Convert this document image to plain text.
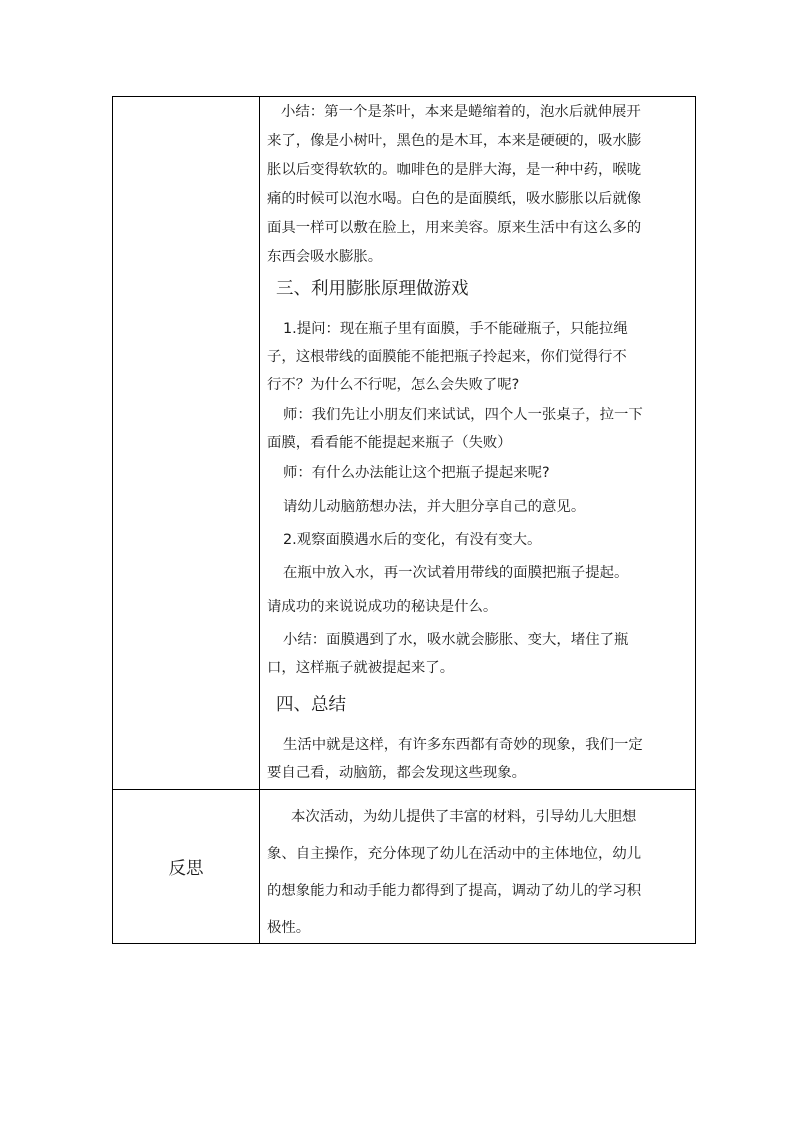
小结：第一个是茶叶，本来是蜷缩着的，泡水后就伸展开
来了，像是小树叶，黑色的是木耳，本来是硬硬的，吸水膨
胀以后变得软软的。咖啡色的是胖大海，是一种中药，喉咙
痛的时候可以泡水喝。白色的是面膜纸，吸水膨胀以后就像
面具一样可以敷在脸上，用来美容。原来生活中有这么多的
东西会吸水膨胀。
三、利用膨胀原理做游戏
1.提问：现在瓶子里有面膜，手不能碰瓶子，只能拉绳
子，这根带线的面膜能不能把瓶子拎起来，你们觉得行不
行不？为什么不行呢，怎么会失败了呢?
师：我们先让小朋友们来试试，四个人一张桌子，拉一下
面膜，看看能不能提起来瓶子（失败）
师：有什么办法能让这个把瓶子提起来呢?
请幼儿动脑筋想办法，并大胆分享自己的意见。
2.观察面膜遇水后的变化，有没有变大。
在瓶中放入水，再一次试着用带线的面膜把瓶子提起。
请成功的来说说成功的秘诀是什么。
小结：面膜遇到了水，吸水就会膨胀、变大，堵住了瓶
口，这样瓶子就被提起来了。
四、总结
生活中就是这样，有许多东西都有奇妙的现象，我们一定
要自己看，动脑筋，都会发现这些现象。
反思
本次活动，为幼儿提供了丰富的材料，引导幼儿大胆想
象、自主操作，充分体现了幼儿在活动中的主体地位，幼儿
的想象能力和动手能力都得到了提高，调动了幼儿的学习积
极性。
